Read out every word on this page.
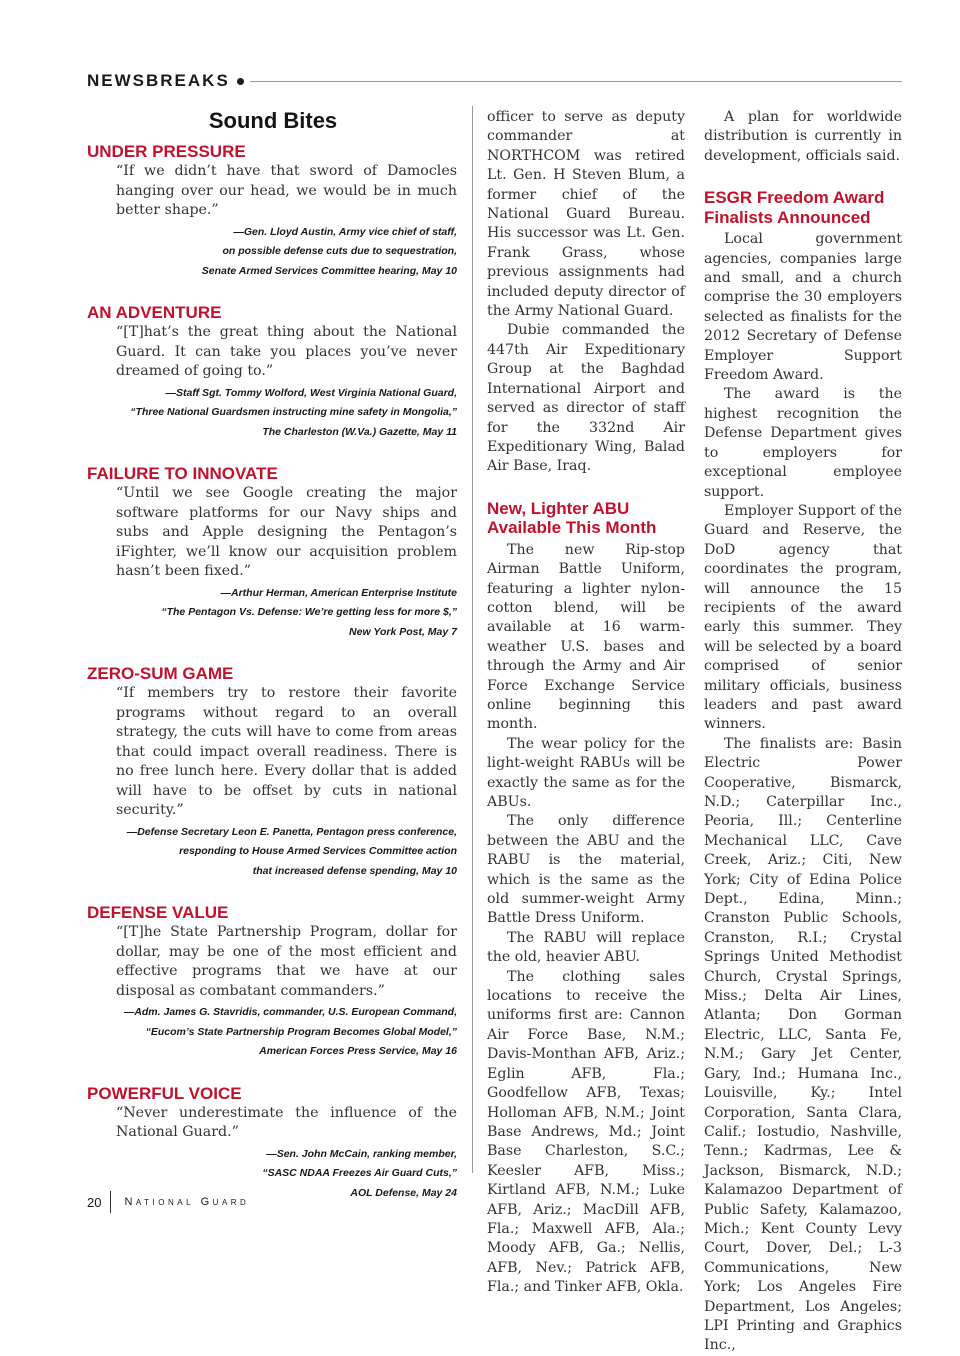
NEWSBREAKS
Sound Bites
UNDER PRESSURE
“If we didn’t have that sword of Damocles hanging over our head, we would be in much better shape.”
—Gen. Lloyd Austin, Army vice chief of staff,
on possible defense cuts due to sequestration,
Senate Armed Services Committee hearing, May 10
AN ADVENTURE
“[T]hat’s the great thing about the National Guard. It can take you places you’ve never dreamed of going to.”
—Staff Sgt. Tommy Wolford, West Virginia National Guard,
“Three National Guardsmen instructing mine safety in Mongolia,”
The Charleston (W.Va.) Gazette, May 11
FAILURE TO INNOVATE
“Until we see Google creating the major software platforms for our Navy ships and subs and Apple designing the Pentagon’s iFighter, we’ll know our acquisition problem hasn’t been fixed.”
—Arthur Herman, American Enterprise Institute
“The Pentagon Vs. Defense: We’re getting less for more $,”
New York Post, May 7
ZERO-SUM GAME
“If members try to restore their favorite programs without regard to an overall strategy, the cuts will have to come from areas that could impact overall readiness. There is no free lunch here. Every dollar that is added will have to be offset by cuts in national security.”
—Defense Secretary Leon E. Panetta, Pentagon press conference,
responding to House Armed Services Committee action
that increased defense spending, May 10
DEFENSE VALUE
“[T]he State Partnership Program, dollar for dollar, may be one of the most efficient and effective programs that we have at our disposal as combatant commanders.”
—Adm. James G. Stavridis, commander, U.S. European Command,
“Eucom’s State Partnership Program Becomes Global Model,”
American Forces Press Service, May 16
POWERFUL VOICE
“Never underestimate the influence of the National Guard.”
—Sen. John McCain, ranking member,
“SASC NDAA Freezes Air Guard Cuts,”
AOL Defense, May 24

officer to serve as deputy commander at NORTHCOM was retired Lt. Gen. H Steven Blum, a former chief of the National Guard Bureau. His successor was Lt. Gen. Frank Grass, whose previous assignments had included deputy director of the Army National Guard.

Dubie commanded the 447th Air Expeditionary Group at the Baghdad International Airport and served as director of staff for the 332nd Air Expeditionary Wing, Balad Air Base, Iraq.

New, Lighter ABU Available This Month

The new Rip-stop Airman Battle Uniform, featuring a lighter nylon-cotton blend, will be available at 16 warm-weather U.S. bases and through the Army and Air Force Exchange Service online beginning this month.

The wear policy for the light-weight RABUs will be exactly the same as for the ABUs.

The only difference between the ABU and the RABU is the material, which is the same as the old summer-weight Army Battle Dress Uniform.

The RABU will replace the old, heavier ABU.

The clothing sales locations to receive the uniforms first are: Cannon Air Force Base, N.M.; Davis-Monthan AFB, Ariz.; Eglin AFB, Fla.; Goodfellow AFB, Texas; Holloman AFB, N.M.; Joint Base Andrews, Md.; Joint Base Charleston, S.C.; Keesler AFB, Miss.; Kirtland AFB, N.M.; Luke AFB, Ariz.; MacDill AFB, Fla.; Maxwell AFB, Ala.; Moody AFB, Ga.; Nellis, AFB, Nev.; Patrick AFB, Fla.; and Tinker AFB, Okla.

A plan for worldwide distribution is currently in development, officials said.

ESGR Freedom Award Finalists Announced

Local government agencies, companies large and small, and a church comprise the 30 employers selected as finalists for the 2012 Secretary of Defense Employer Support Freedom Award.

The award is the highest recognition the Defense Department gives to employers for exceptional employee support.

Employer Support of the Guard and Reserve, the DoD agency that coordinates the program, will announce the 15 recipients of the award early this summer. They will be selected by a board comprised of senior military officials, business leaders and past award winners.

The finalists are: Basin Electric Power Cooperative, Bismarck, N.D.; Caterpillar Inc., Peoria, Ill.; Centerline Mechanical LLC, Cave Creek, Ariz.; Citi, New York; City of Edina Police Dept., Edina, Minn.; Cranston Public Schools, Cranston, R.I.; Crystal Springs United Methodist Church, Crystal Springs, Miss.; Delta Air Lines, Atlanta; Don Gorman Electric, LLC, Santa Fe, N.M.; Gary Jet Center, Gary, Ind.; Humana Inc., Louisville, Ky.; Intel Corporation, Santa Clara, Calif.; Iostudio, Nashville, Tenn.; Kadrmas, Lee & Jackson, Bismarck, N.D.; Kalamazoo Department of Public Safety, Kalamazoo, Mich.; Kent County Levy Court, Dover, Del.; L-3 Communications, New York; Los Angeles Fire Department, Los Angeles; LPI Printing and Graphics Inc.,

20 National Guard
